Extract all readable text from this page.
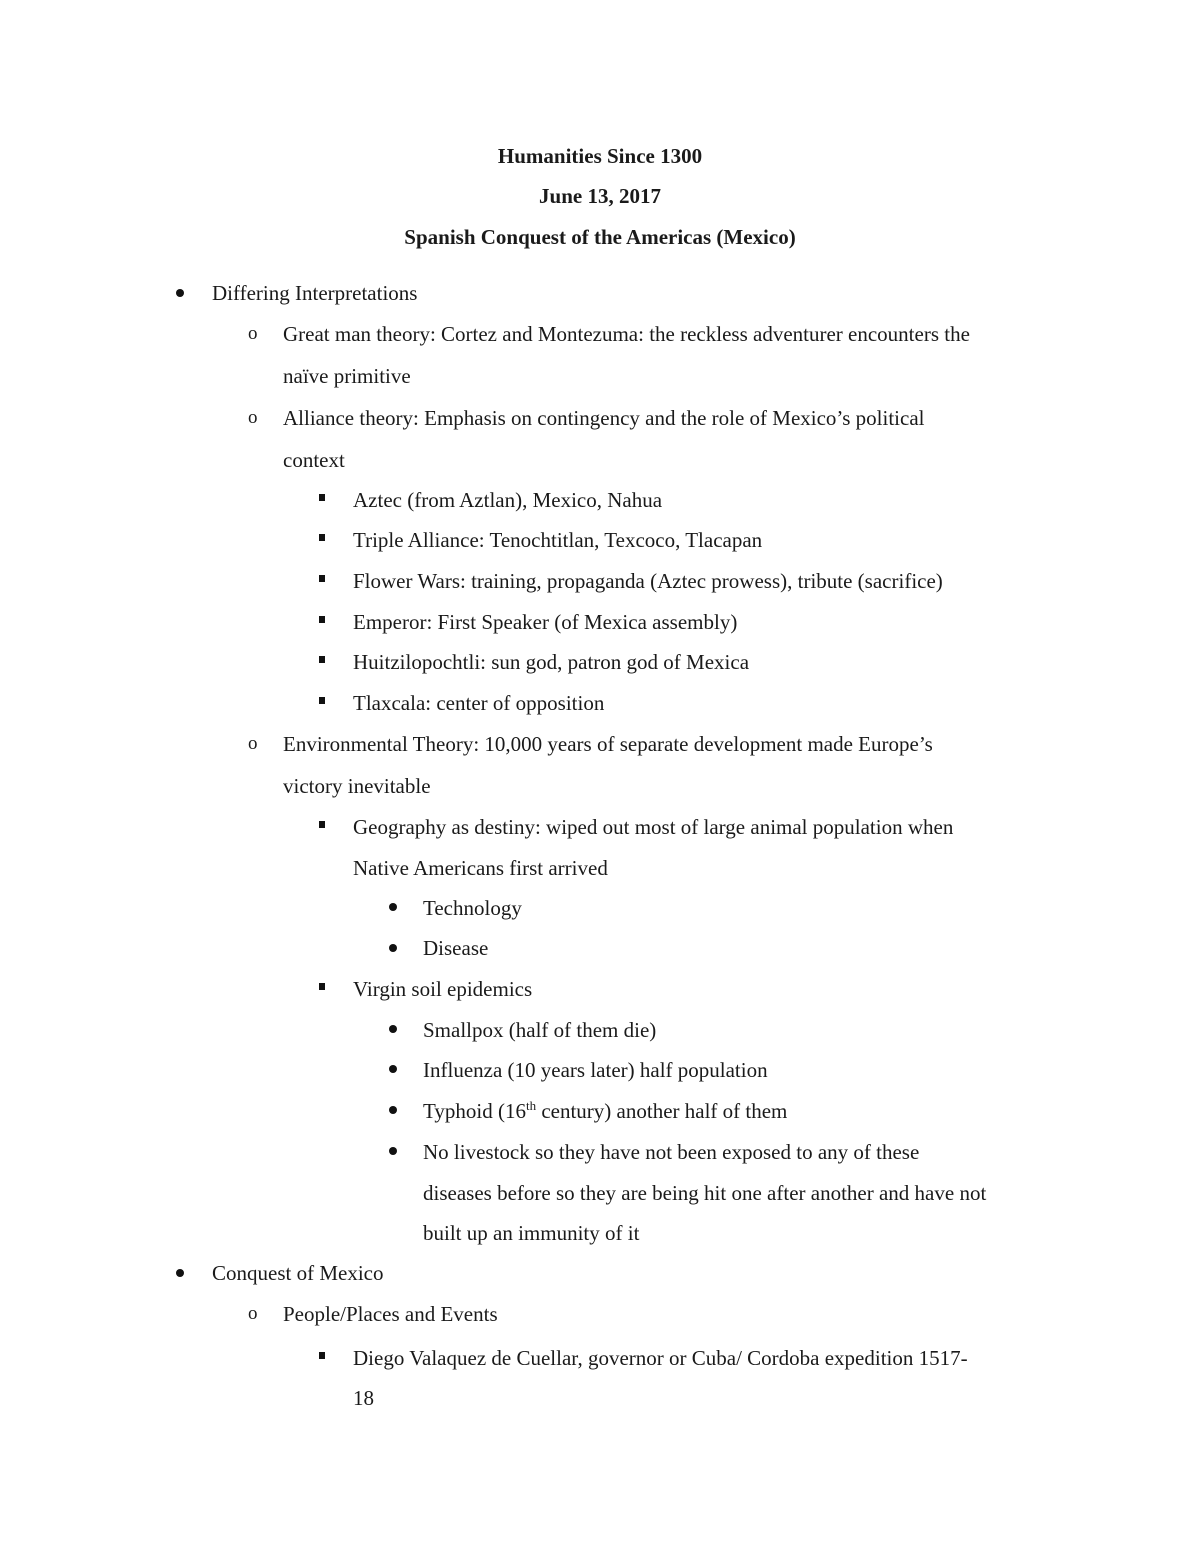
Humanities Since 1300
June 13, 2017
Spanish Conquest of the Americas (Mexico)
Differing Interpretations
o Great man theory: Cortez and Montezuma: the reckless adventurer encounters the
naïve primitive
o Alliance theory: Emphasis on contingency and the role of Mexico’s political
context
Aztec (from Aztlan), Mexico, Nahua
Triple Alliance: Tenochtitlan, Texcoco, Tlacapan
Flower Wars: training, propaganda (Aztec prowess), tribute (sacrifice)
Emperor: First Speaker (of Mexica assembly)
Huitzilopochtli: sun god, patron god of Mexica
Tlaxcala: center of opposition
o Environmental Theory: 10,000 years of separate development made Europe’s
victory inevitable
Geography as destiny: wiped out most of large animal population when
Native Americans first arrived
Technology
Disease
Virgin soil epidemics
Smallpox (half of them die)
Influenza (10 years later) half population
Typhoid (16th century) another half of them
No livestock so they have not been exposed to any of these
diseases before so they are being hit one after another and have not
built up an immunity of it
Conquest of Mexico
o People/Places and Events
Diego Valaquez de Cuellar, governor or Cuba/ Cordoba expedition 1517-
18
